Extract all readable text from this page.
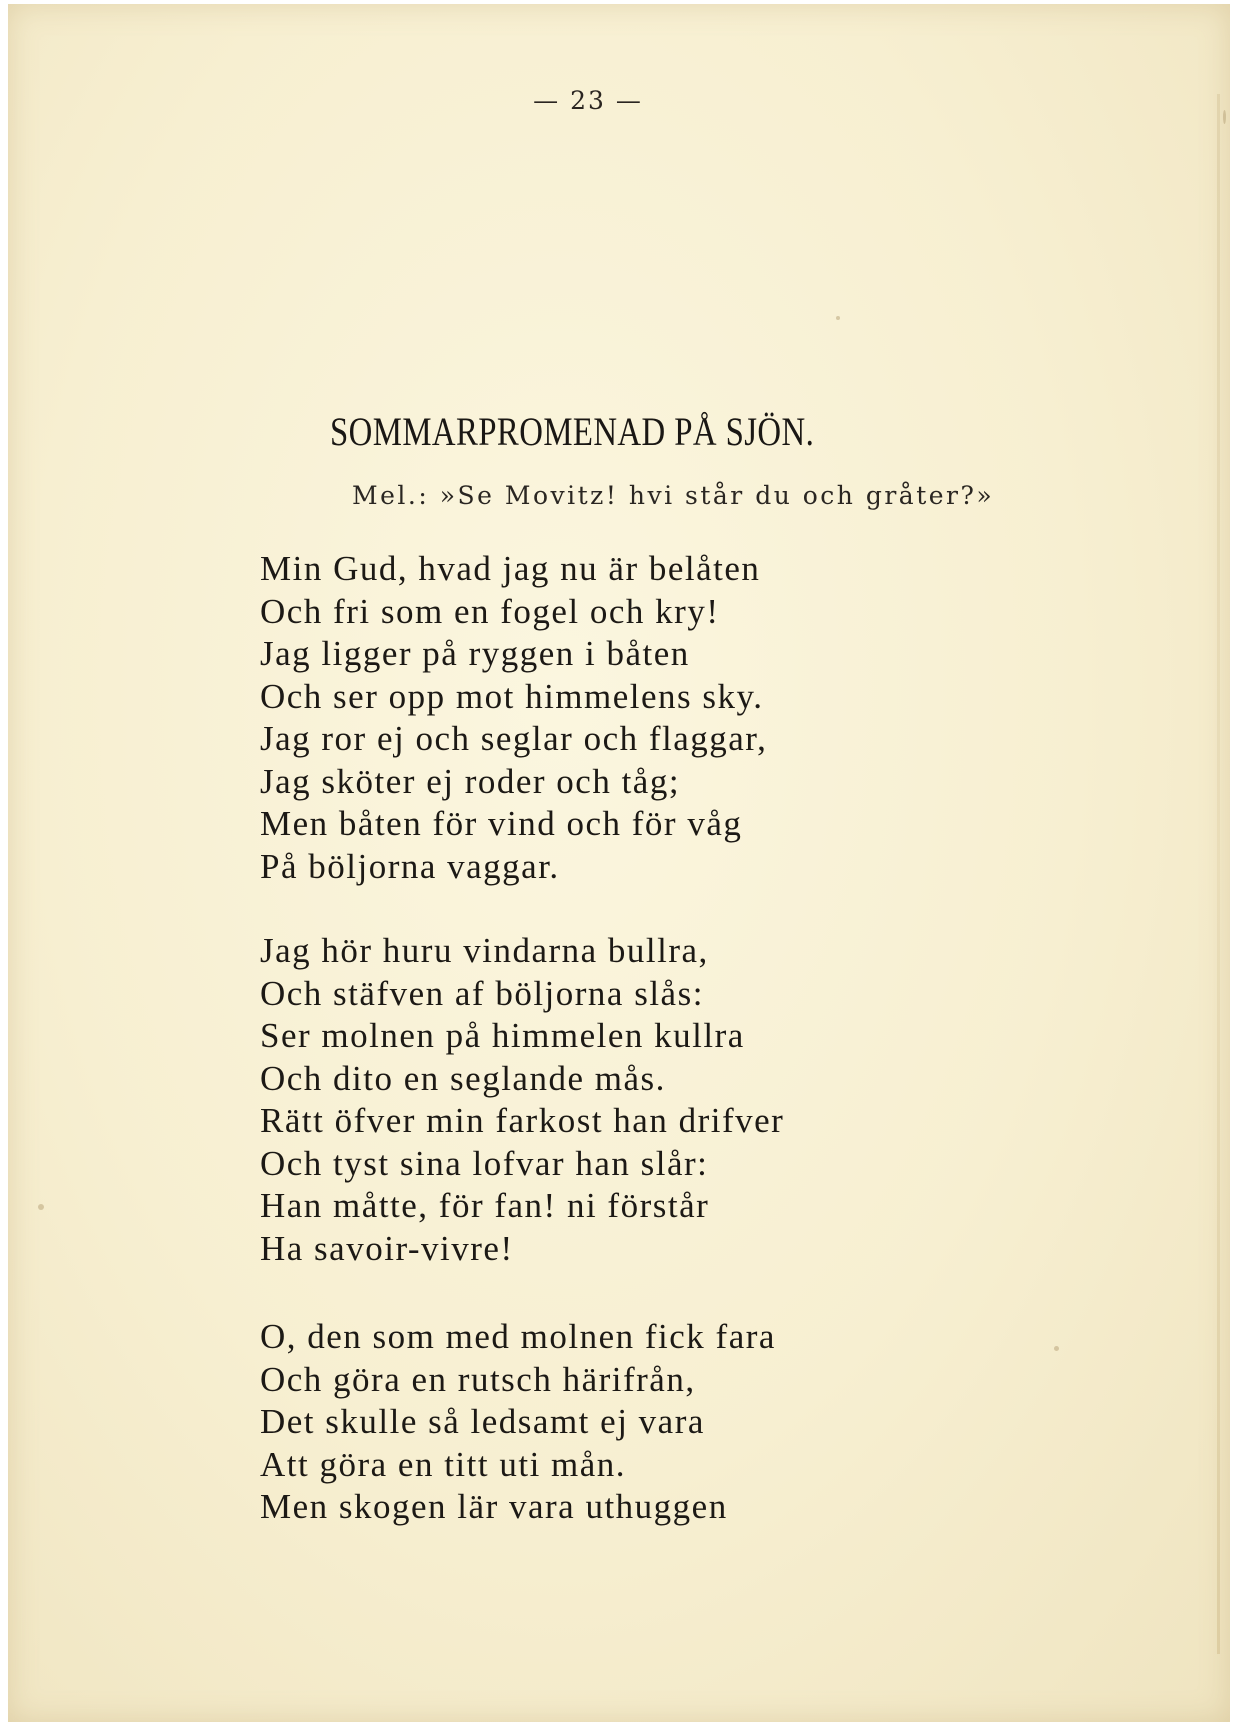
— 23 —
SOMMARPROMENAD PÅ SJÖN.
Mel.: »Se Movitz! hvi står du och gråter?»
Min Gud, hvad jag nu är belåten
Och fri som en fogel och kry!
Jag ligger på ryggen i båten
Och ser opp mot himmelens sky.
Jag ror ej och seglar och flaggar,
Jag sköter ej roder och tåg;
Men båten för vind och för våg
På böljorna vaggar.
Jag hör huru vindarna bullra,
Och stäfven af böljorna slås:
Ser molnen på himmelen kullra
Och dito en seglande mås.
Rätt öfver min farkost han drifver
Och tyst sina lofvar han slår:
Han måtte, för fan! ni förstår
Ha savoir-vivre!
O, den som med molnen fick fara
Och göra en rutsch härifrån,
Det skulle så ledsamt ej vara
Att göra en titt uti mån.
Men skogen lär vara uthuggen
